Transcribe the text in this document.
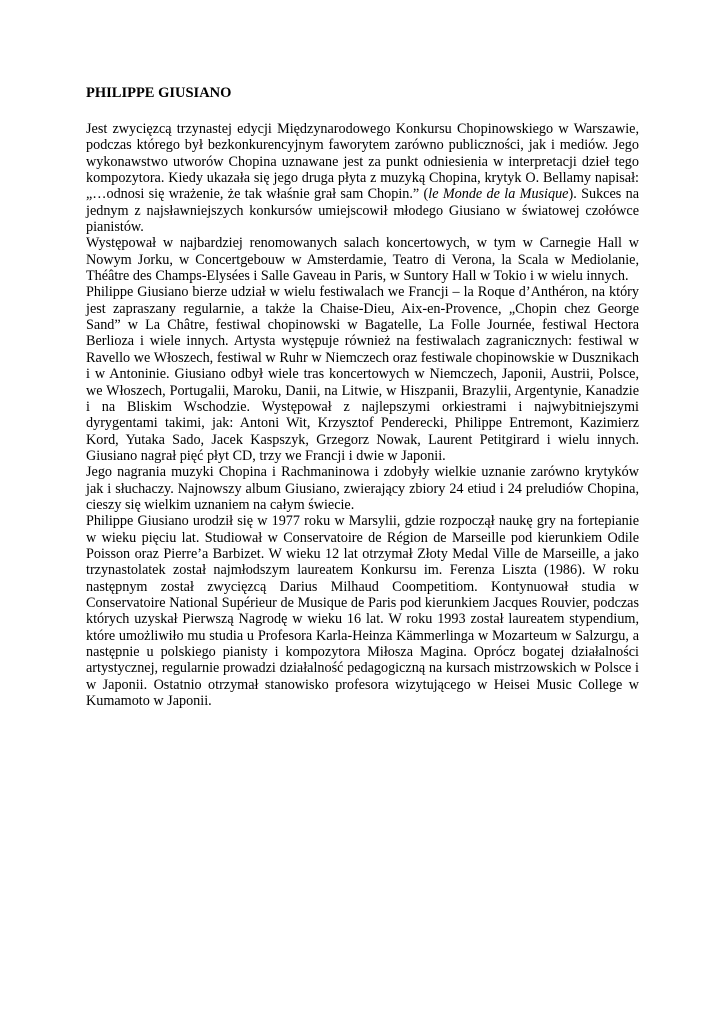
PHILIPPE GIUSIANO

Jest zwycięzcą trzynastej edycji Międzynarodowego Konkursu Chopinowskiego w Warszawie, podczas którego był bezkonkurencyjnym faworytem zarówno publiczności, jak i mediów. Jego wykonawstwo utworów Chopina uznawane jest za punkt odniesienia w interpretacji dzieł tego kompozytora. Kiedy ukazała się jego druga płyta z muzyką Chopina, krytyk O. Bellamy napisał: „…odnosi się wrażenie, że tak właśnie grał sam Chopin.” (le Monde de la Musique). Sukces na jednym z najsławniejszych konkursów umiejscowił młodego Giusiano w światowej czołówce pianistów.

Występował w najbardziej renomowanych salach koncertowych, w tym w Carnegie Hall w Nowym Jorku, w Concertgebouw w Amsterdamie, Teatro di Verona, la Scala w Mediolanie, Théâtre des Champs-Elysées i Salle Gaveau in Paris, w Suntory Hall w Tokio i w wielu innych.

Philippe Giusiano bierze udział w wielu festiwalach we Francji – la Roque d’Anthéron, na który jest zapraszany regularnie, a także la Chaise-Dieu, Aix-en-Provence, „Chopin chez George Sand” w La Châtre, festiwal chopinowski w Bagatelle, La Folle Journée, festiwal Hectora Berlioza i wiele innych. Artysta występuje również na festiwalach zagranicznych: festiwal w Ravello we Włoszech, festiwal w Ruhr w Niemczech oraz festiwale chopinowskie w Dusznikach i w Antoninie. Giusiano odbył wiele tras koncertowych w Niemczech, Japonii, Austrii, Polsce, we Włoszech, Portugalii, Maroku, Danii, na Litwie, w Hiszpanii, Brazylii, Argentynie, Kanadzie i na Bliskim Wschodzie. Występował z najlepszymi orkiestrami i najwybitniejszymi dyrygentami takimi, jak: Antoni Wit, Krzysztof Penderecki, Philippe Entremont, Kazimierz Kord, Yutaka Sado, Jacek Kaspszyk, Grzegorz Nowak, Laurent Petitgirard i wielu innych. Giusiano nagrał pięć płyt CD, trzy we Francji i dwie w Japonii.

Jego nagrania muzyki Chopina i Rachmaninowa i zdobyły wielkie uznanie zarówno krytyków jak i słuchaczy. Najnowszy album Giusiano, zwierający zbiory 24 etiud i 24 preludiów Chopina, cieszy się wielkim uznaniem na całym świecie.

Philippe Giusiano urodził się w 1977 roku w Marsylii, gdzie rozpoczął naukę gry na fortepianie w wieku pięciu lat. Studiował w Conservatoire de Région de Marseille pod kierunkiem Odile Poisson oraz Pierre’a Barbizet. W wieku 12 lat otrzymał Złoty Medal Ville de Marseille, a jako trzynastolatek został najmłodszym laureatem Konkursu im. Ferenza Liszta (1986). W roku następnym został zwycięzcą Darius Milhaud Coompetitiom. Kontynuował studia w Conservatoire National Supérieur de Musique de Paris pod kierunkiem Jacques Rouvier, podczas których uzyskał Pierwszą Nagrodę w wieku 16 lat. W roku 1993 został laureatem stypendium, które umożliwiło mu studia u Profesora Karla-Heinza Kämmerlinga w Mozarteum w Salzurgu, a następnie u polskiego pianisty i kompozytora Miłosza Magina. Oprócz bogatej działalności artystycznej, regularnie prowadzi działalność pedagogiczną na kursach mistrzowskich w Polsce i w Japonii. Ostatnio otrzymał stanowisko profesora wizytującego w Heisei Music College w Kumamoto w Japonii.
